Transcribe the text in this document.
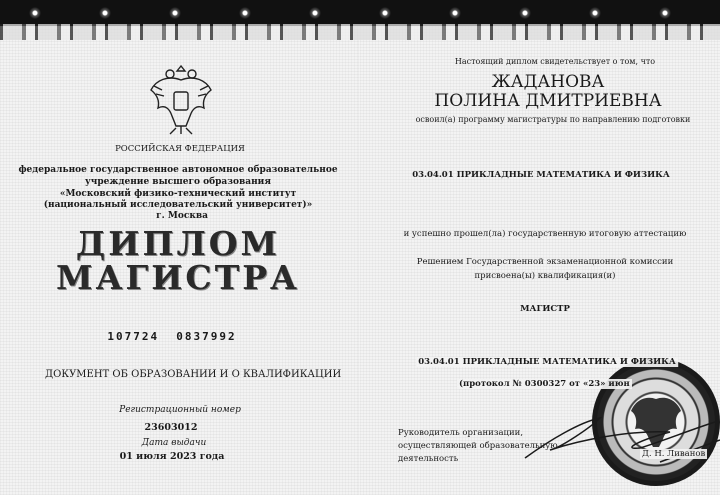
РОССИЙСКАЯ ФЕДЕРАЦИЯ
федеральное государственное автономное образовательное
учреждение высшего образования
«Московский физико-технический институт
(национальный исследовательский университет)»
г. Москва
ДИПЛОМ
МАГИСТРА
107724  0837992
ДОКУМЕНТ ОБ ОБРАЗОВАНИИ И О КВАЛИФИКАЦИИ
Регистрационный номер
23603012
Дата выдачи
01 июля 2023 года
Настоящий диплом свидетельствует о том, что
ЖАДАНОВА
ПОЛИНА ДМИТРИЕВНА
освоил(а) программу магистратуры по направлению подготовки
03.04.01 ПРИКЛАДНЫЕ МАТЕМАТИКА И ФИЗИКА
и успешно прошел(ла) государственную итоговую аттестацию
Решением Государственной экзаменационной комиссии
присвоена(ы) квалификация(и)
МАГИСТР
03.04.01 ПРИКЛАДНЫЕ МАТЕМАТИКА И ФИЗИКА
(протокол № 0300327 от «23» июн
Руководитель организации,
осуществляющей образовательную
деятельность	Д. Н. Ливанов
